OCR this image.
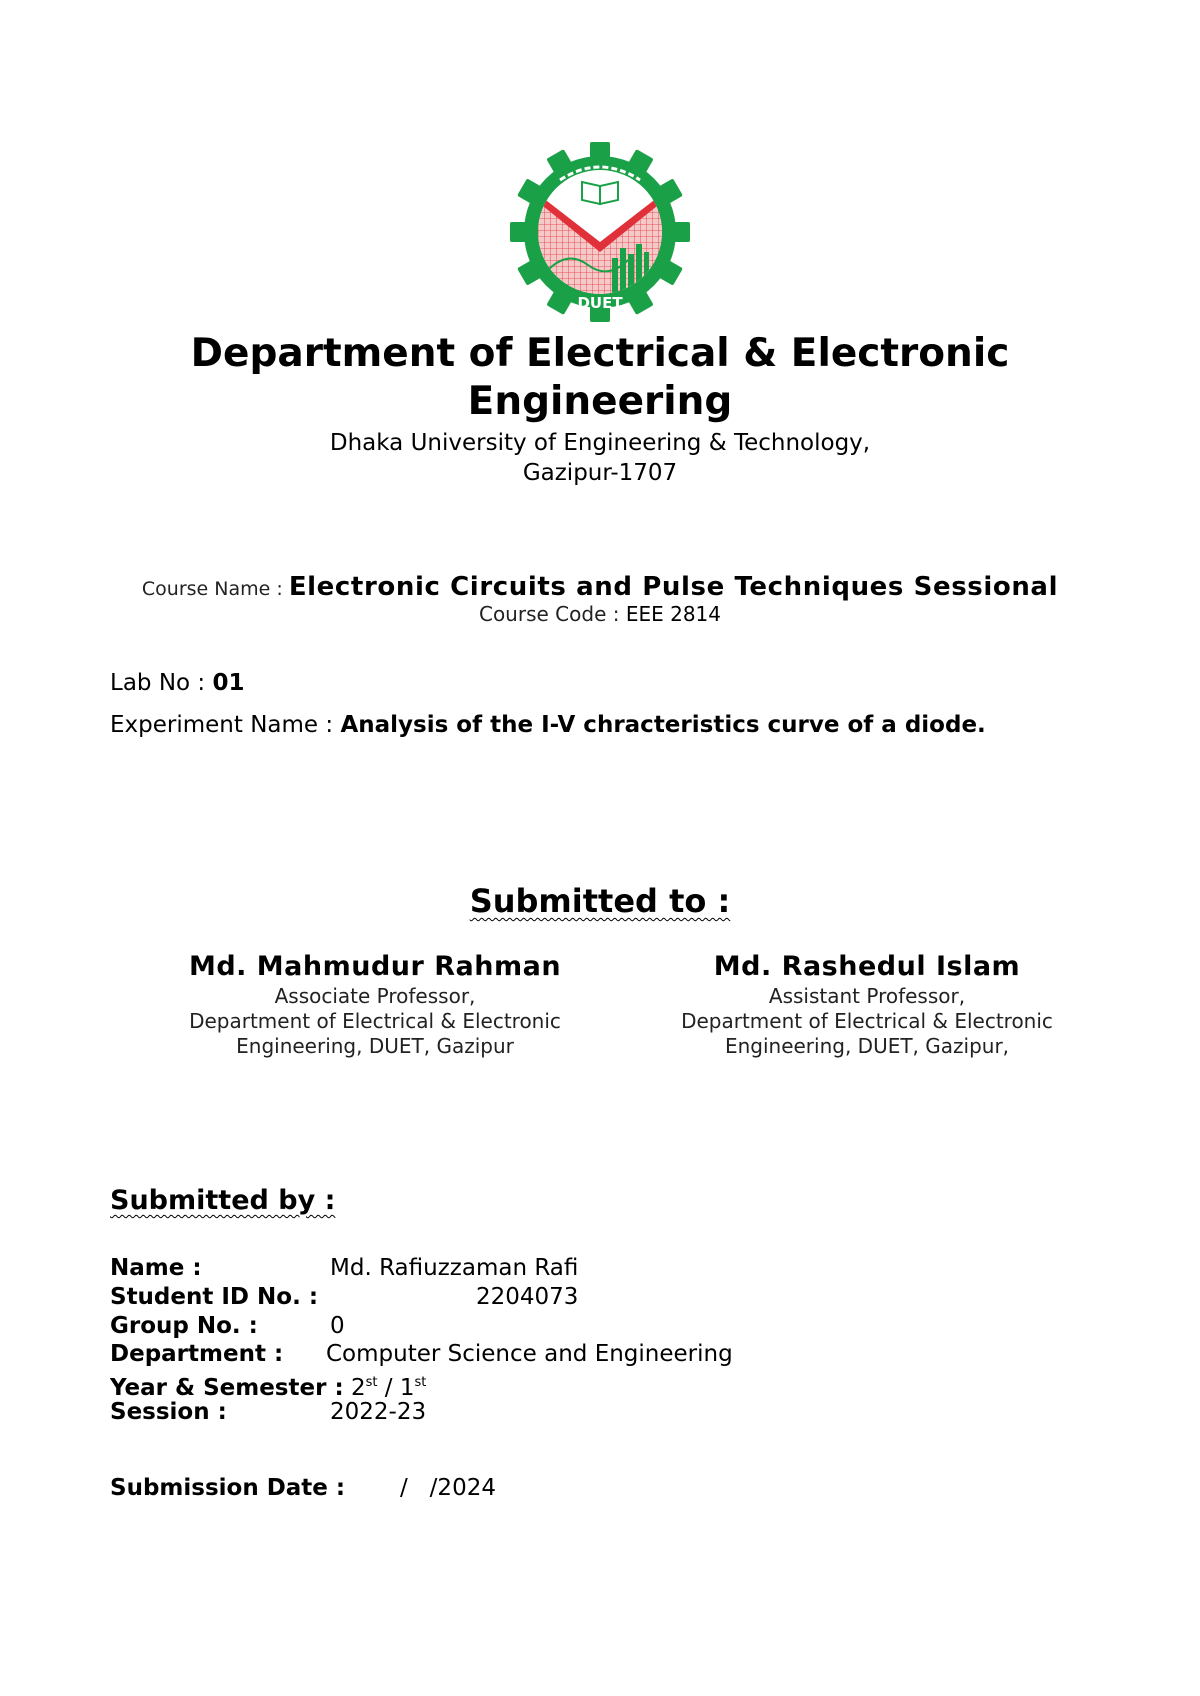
DUET
Department of Electrical & Electronic Engineering
Dhaka University of Engineering & Technology,
Gazipur-1707
Course Name : Electronic Circuits and Pulse Techniques Sessional
Course Code : EEE 2814
Lab No : 01
Experiment Name : Analysis of the I-V chracteristics curve of a diode.
Submitted to :
Md. Mahmudur Rahman
Associate Professor,
Department of Electrical & Electronic
Engineering, DUET, Gazipur
Md. Rashedul Islam
Assistant Professor,
Department of Electrical & Electronic
Engineering, DUET, Gazipur,
Submitted by :
Name :	Md. Rafiuzzaman Rafi
Student ID No. :	2204073
Group No. :	0
Department : Computer Science and Engineering
Year & Semester : 2st / 1st
Session :	2022-23
Submission Date : /   /2024
